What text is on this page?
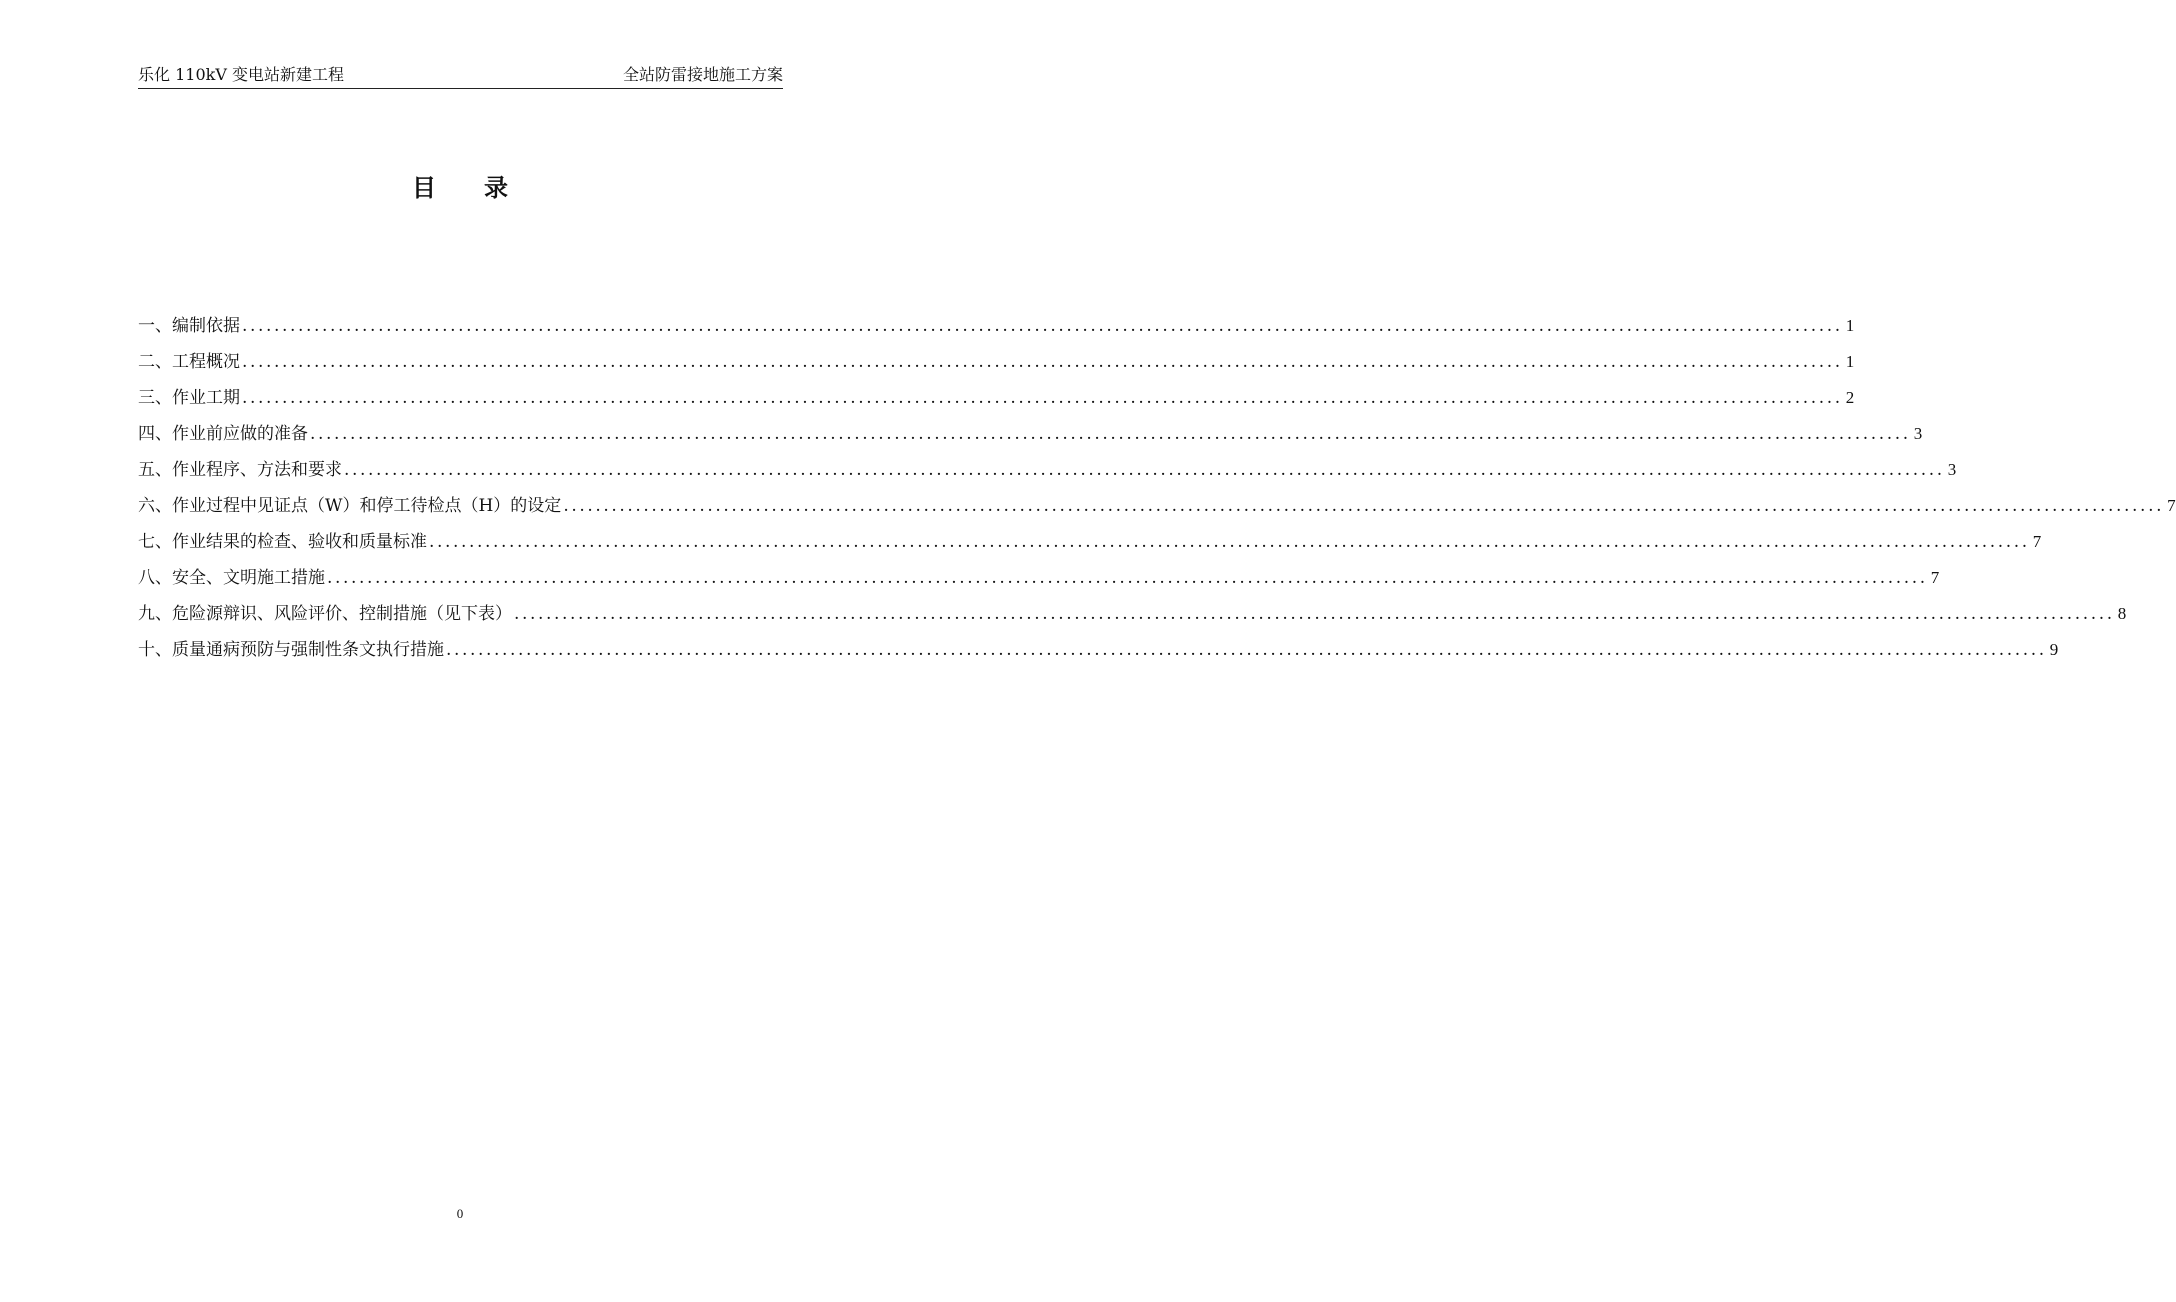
乐化 110kV 变电站新建工程	全站防雷接地施工方案
目 录
一、编制依据 ........................................................................................................................................................................................................ 1
二、工程概况 ........................................................................................................................................................................................................ 1
三、作业工期 ........................................................................................................................................................................................................ 2
四、作业前应做的准备 ........................................................................................................................................................................................................ 3
五、作业程序、方法和要求 ........................................................................................................................................................................................................ 3
六、作业过程中见证点（W）和停工待检点（H）的设定 ........................................................................................................................................................................................................ 7
七、作业结果的检查、验收和质量标准 ........................................................................................................................................................................................................ 7
八、安全、文明施工措施 ........................................................................................................................................................................................................ 7
九、危险源辩识、风险评价、控制措施（见下表） ........................................................................................................................................................................................................ 8
十、质量通病预防与强制性条文执行措施 ........................................................................................................................................................................................................ 9
0
